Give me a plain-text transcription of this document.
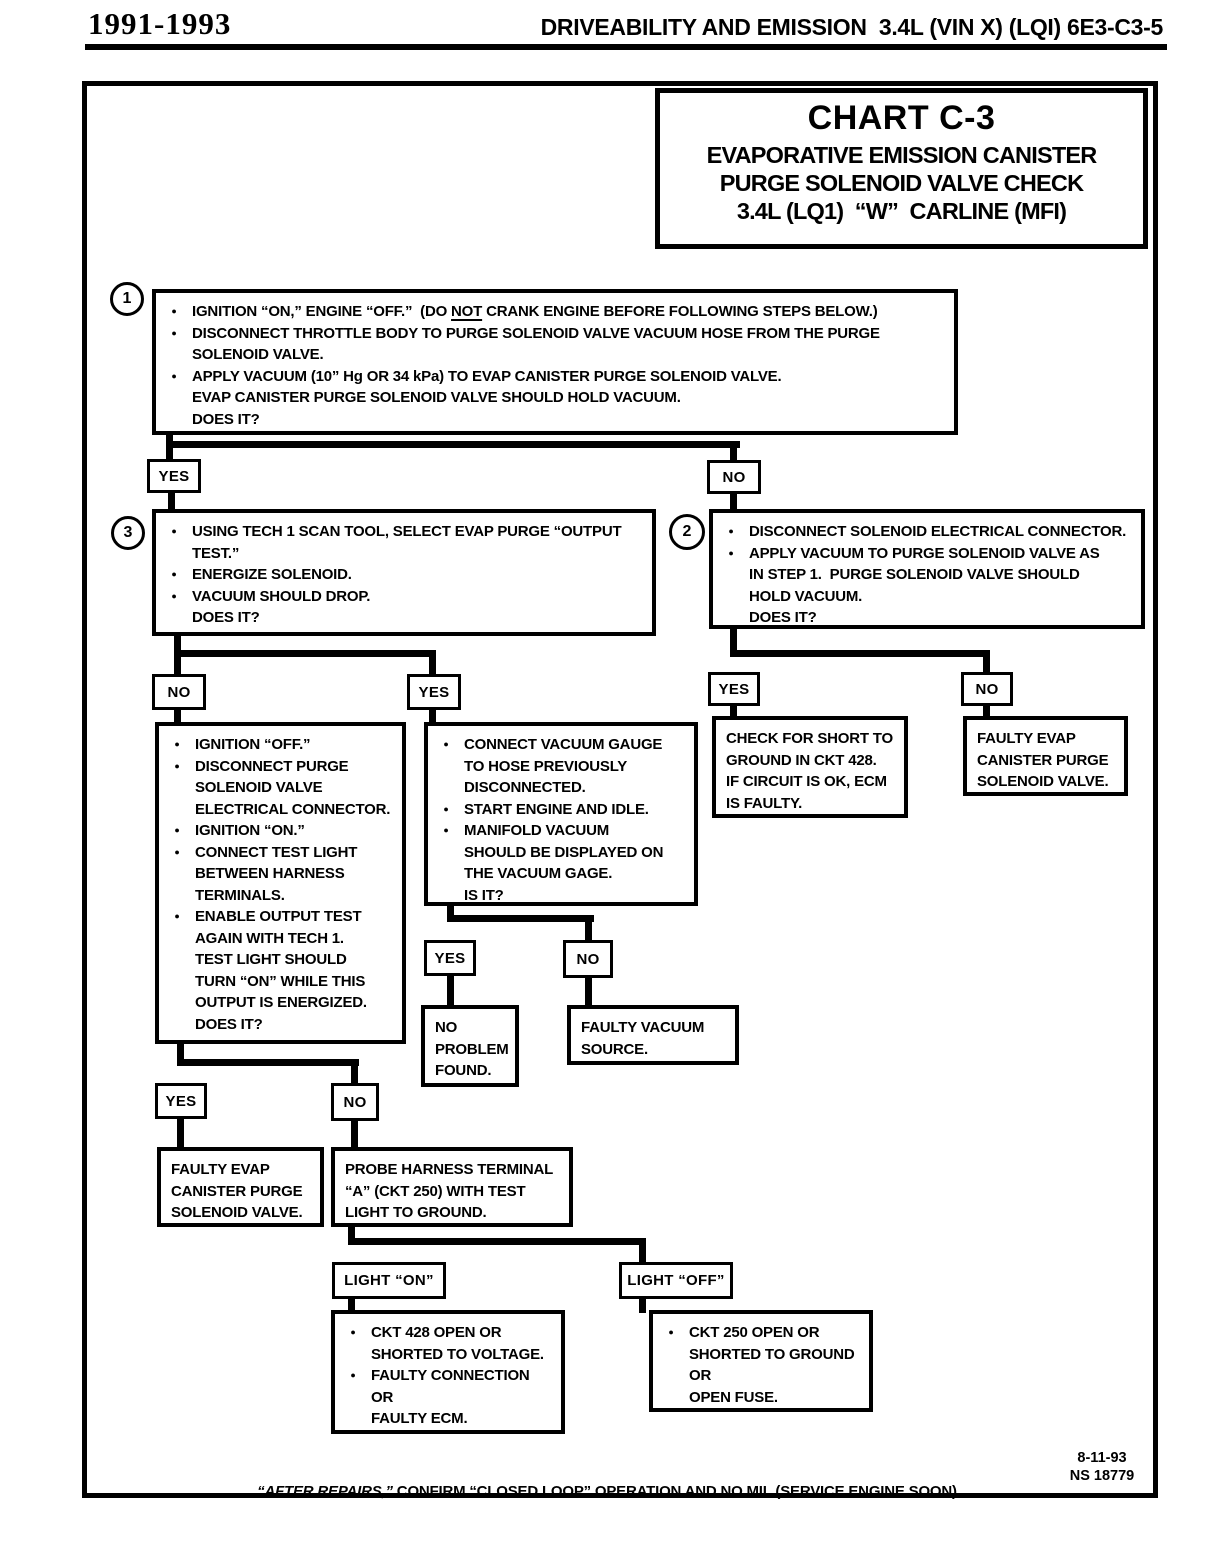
1991-1993	DRIVEABILITY AND EMISSION  3.4L (VIN X) (LQI) 6E3-C3-5
CHART C-3
EVAPORATIVE EMISSION CANISTER
PURGE SOLENOID VALVE CHECK
3.4L (LQ1)  “W”  CARLINE (MFI)
1
3	2
●	IGNITION “ON,” ENGINE “OFF.”  (DO NOT CRANK ENGINE BEFORE FOLLOWING STEPS BELOW.)
●	DISCONNECT THROTTLE BODY TO PURGE SOLENOID VALVE VACUUM HOSE FROM THE PURGE
SOLENOID VALVE.
●	APPLY VACUUM (10” Hg OR 34 kPa) TO EVAP CANISTER PURGE SOLENOID VALVE.
EVAP CANISTER PURGE SOLENOID VALVE SHOULD HOLD VACUUM.
DOES IT?
YES	NO
●	USING TECH 1 SCAN TOOL, SELECT EVAP PURGE “OUTPUT
TEST.”
●	ENERGIZE SOLENOID.
●	VACUUM SHOULD DROP.
DOES IT?
●	DISCONNECT SOLENOID ELECTRICAL CONNECTOR.
●	APPLY VACUUM TO PURGE SOLENOID VALVE AS
IN STEP 1.  PURGE SOLENOID VALVE SHOULD
HOLD VACUUM.
DOES IT?
NO	YES	YES	NO
●	IGNITION “OFF.”
●	DISCONNECT PURGE
SOLENOID VALVE
ELECTRICAL CONNECTOR.
●	IGNITION “ON.”
●	CONNECT TEST LIGHT
BETWEEN HARNESS
TERMINALS.
●	ENABLE OUTPUT TEST
AGAIN WITH TECH 1.
TEST LIGHT SHOULD
TURN “ON” WHILE THIS
OUTPUT IS ENERGIZED.
DOES IT?
●	CONNECT VACUUM GAUGE
TO HOSE PREVIOUSLY
DISCONNECTED.
●	START ENGINE AND IDLE.
●	MANIFOLD VACUUM
SHOULD BE DISPLAYED ON
THE VACUUM GAGE.
IS IT?
CHECK FOR SHORT TO
GROUND IN CKT 428.
IF CIRCUIT IS OK, ECM
IS FAULTY.
FAULTY EVAP
CANISTER PURGE
SOLENOID VALVE.
YES	NO
NO
PROBLEM
FOUND.
FAULTY VACUUM
SOURCE.
YES	NO
FAULTY EVAP
CANISTER PURGE
SOLENOID VALVE.
PROBE HARNESS TERMINAL
“A” (CKT 250) WITH TEST
LIGHT TO GROUND.
LIGHT “ON”	LIGHT “OFF”
●	CKT 428 OPEN OR
SHORTED TO VOLTAGE.
●	FAULTY CONNECTION
OR
FAULTY ECM.
●	CKT 250 OPEN OR
SHORTED TO GROUND
OR
OPEN FUSE.

“AFTER REPAIRS,” CONFIRM “CLOSED LOOP” OPERATION AND NO MIL (SERVICE ENGINE SOON).

8-11-93
NS 18779
